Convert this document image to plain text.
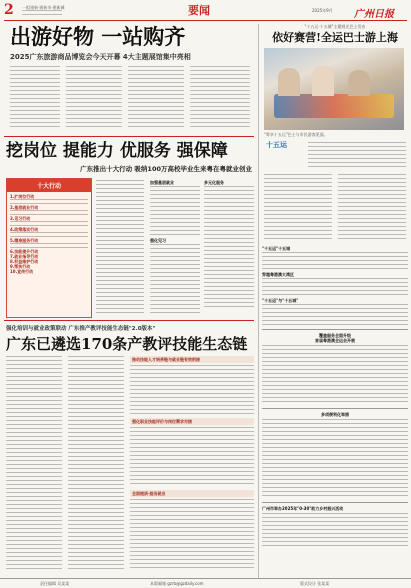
2 一组建新·建新市·建新城	要闻	2025年9月 广州日报
出游好物 一站购齐
2025广东旅游商品博览会今天开幕 4大主题展馆集中亮相
"十五运·十五城"主题观光巴士发布
依好赛营!全运巴士游上海
"粤享十五运"巴士与市民游客见面。
十五运
挖岗位 提能力 优服务 强保障
广东推出十大行动 吸纳100万高校毕业生来粤在粤就业创业
十大行动
1.扩岗位行动
2.基层就业行动
3.见习行动
4.政策落实行动
5.精准服务行动
6.技能提升行动
7.就业指导行动
8.权益维护行动
9.帮扶行动
10.宣传行动
加强基层就业
强化见习
多元化服务
强化培训与就业政策联动 广东推产教评技能生态链"2.0版本"
广东已遴选170条产教评技能生态链
推动技能人才培养链与就业链有效衔接
强化职业技能评价与岗位需求对接
全面提质·服务就业
"十五运"十五城
穿越粤港澳大湾区
"十五运"与"十五城"
覆盖服务全面升级
首届粤港澳全运会开展
多项便利化举措
广州市举办2025年"0-30"助力乡村振兴活动
责任编辑 吴某某	本版邮箱 gzrb@gzdaily.com	版式设计 张某某
